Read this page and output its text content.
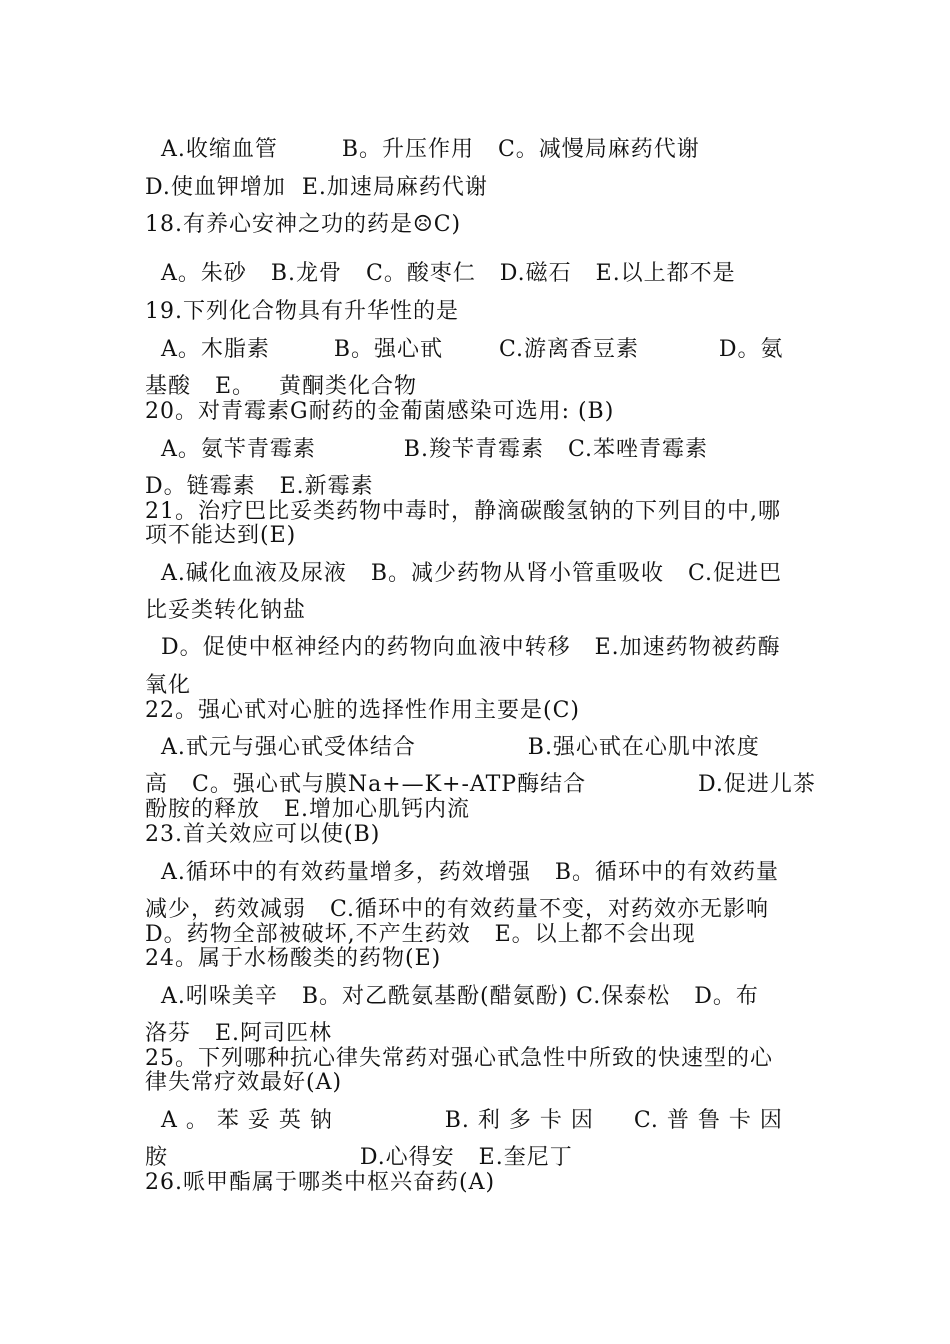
A.收缩血管        B。升压作用   C。减慢局麻药代谢
D.使血钾增加  E.加速局麻药代谢
18.有养心安神之功的药是☹C)
A。朱砂   B.龙骨   C。酸枣仁   D.磁石   E.以上都不是
19.下列化合物具有升华性的是
A。木脂素        B。强心甙       C.游离香豆素          D。氨
基酸   E。   黄酮类化合物
20。对青霉素G耐药的金葡菌感染可选用: (B)
A。氨苄青霉素           B.羧苄青霉素   C.苯唑青霉素
D。链霉素   E.新霉素
21。治疗巴比妥类药物中毒时，静滴碳酸氢钠的下列目的中,哪
项不能达到(E)
A.碱化血液及尿液   B。减少药物从肾小管重吸收   C.促进巴
比妥类转化钠盐
D。促使中枢神经内的药物向血液中转移   E.加速药物被药酶
氧化
22。强心甙对心脏的选择性作用主要是(C)
A.甙元与强心甙受体结合              B.强心甙在心肌中浓度
高   C。强心甙与膜Na+—K+-ATP酶结合              D.促进儿茶
酚胺的释放   E.增加心肌钙内流
23.首关效应可以使(B)
A.循环中的有效药量增多，药效增强   B。循环中的有效药量
减少，药效减弱   C.循环中的有效药量不变，对药效亦无影响
D。药物全部被破坏,不产生药效   E。以上都不会出现
24。属于水杨酸类的药物(E)
A.吲哚美辛   B。对乙酰氨基酚(醋氨酚) C.保泰松   D。布
洛芬   E.阿司匹林
25。下列哪种抗心律失常药对强心甙急性中所致的快速型的心
律失常疗效最好(A)
A 。 苯 妥 英 钠              B. 利 多 卡 因     C. 普 鲁 卡 因
胺                        D.心得安   E.奎尼丁
26.哌甲酯属于哪类中枢兴奋药(A)
